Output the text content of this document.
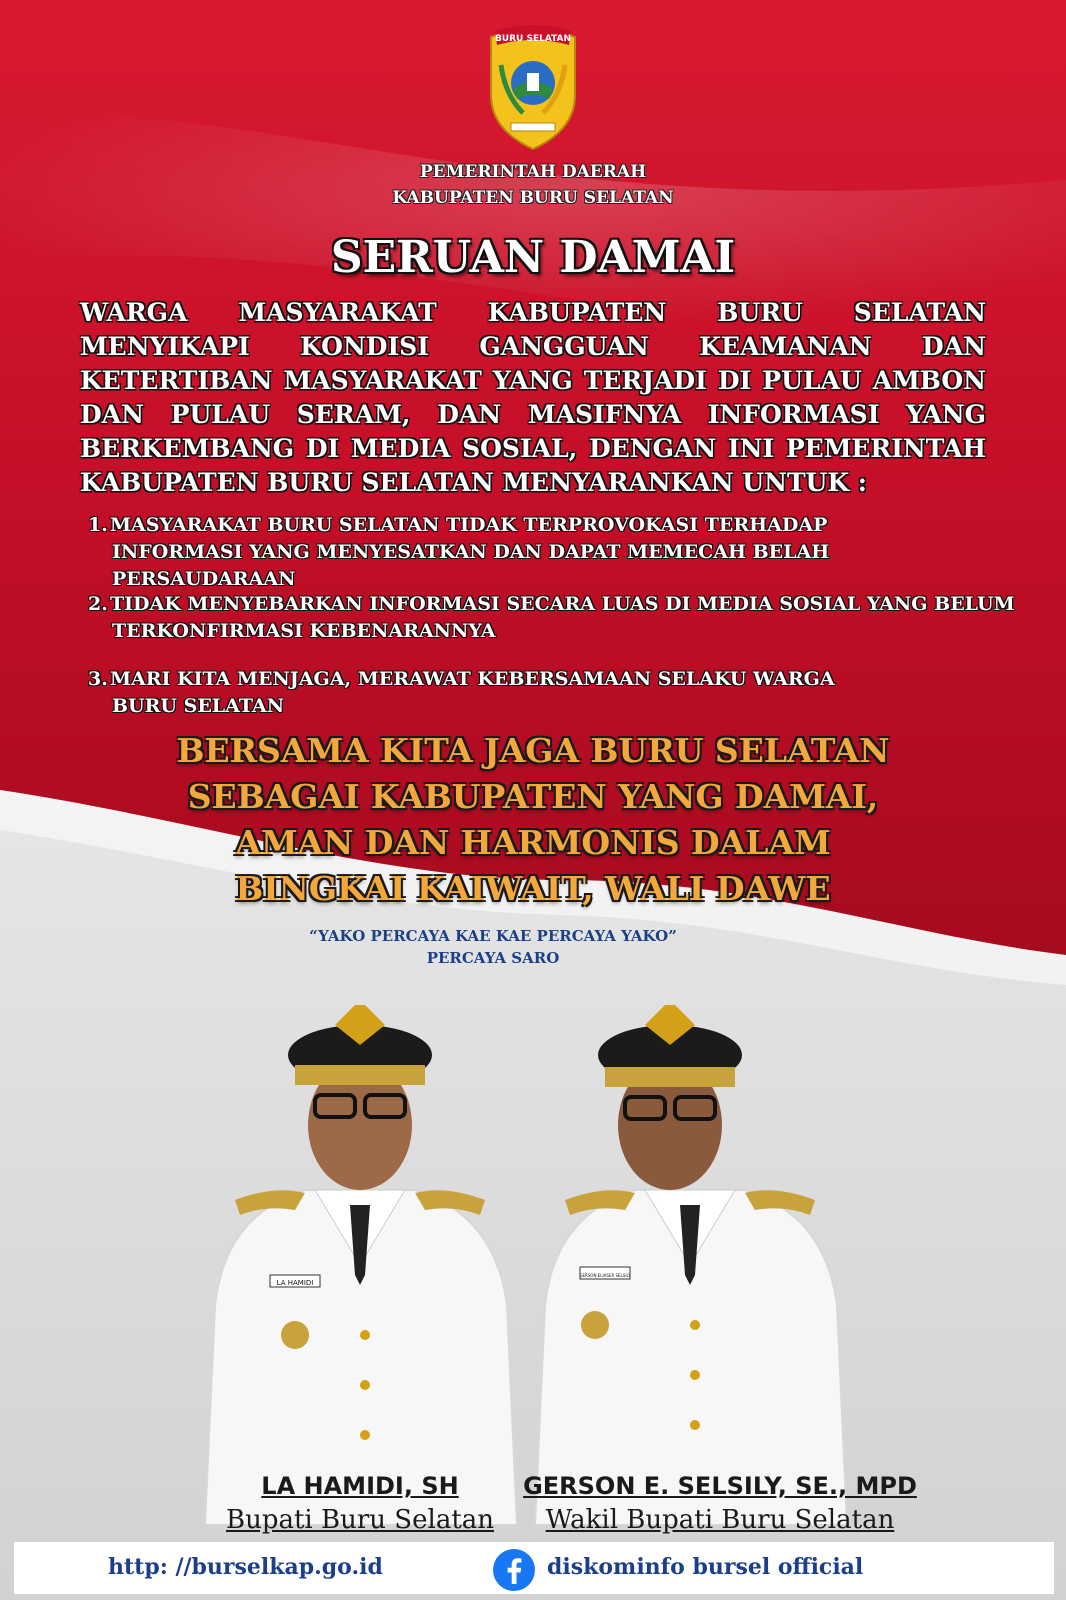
BURU SELATAN
PEMERINTAH DAERAH
KABUPATEN BURU SELATAN
SERUAN DAMAI
WARGA MASYARAKAT KABUPATEN BURU SELATAN MENYIKAPI KONDISI GANGGUAN KEAMANAN DAN KETERTIBAN MASYARAKAT YANG TERJADI DI PULAU AMBON DAN PULAU SERAM, DAN MASIFNYA INFORMASI YANG BERKEMBANG DI MEDIA SOSIAL, DENGAN INI PEMERINTAH KABUPATEN BURU SELATAN MENYARANKAN UNTUK :
1. MASYARAKAT BURU SELATAN TIDAK TERPROVOKASI TERHADAP
INFORMASI YANG MENYESATKAN DAN DAPAT MEMECAH BELAH PERSAUDARAAN
2. TIDAK MENYEBARKAN INFORMASI SECARA LUAS DI MEDIA SOSIAL YANG BELUM
TERKONFIRMASI KEBENARANNYA
3. MARI KITA MENJAGA, MERAWAT KEBERSAMAAN SELAKU WARGA
BURU SELATAN
BERSAMA KITA JAGA BURU SELATAN
SEBAGAI KABUPATEN YANG DAMAI,
AMAN DAN HARMONIS DALAM
BINGKAI KAIWAIT, WALI DAWE
“YAKO PERCAYA KAE KAE PERCAYA YAKO”
PERCAYA SARO
LA HAMIDI
GERSON ELIASER SELSILY
LA HAMIDI, SH
Bupati Buru Selatan
GERSON E. SELSILY, SE., MPD
Wakil Bupati Buru Selatan
http: //burselkap.go.id	diskominfo bursel official
